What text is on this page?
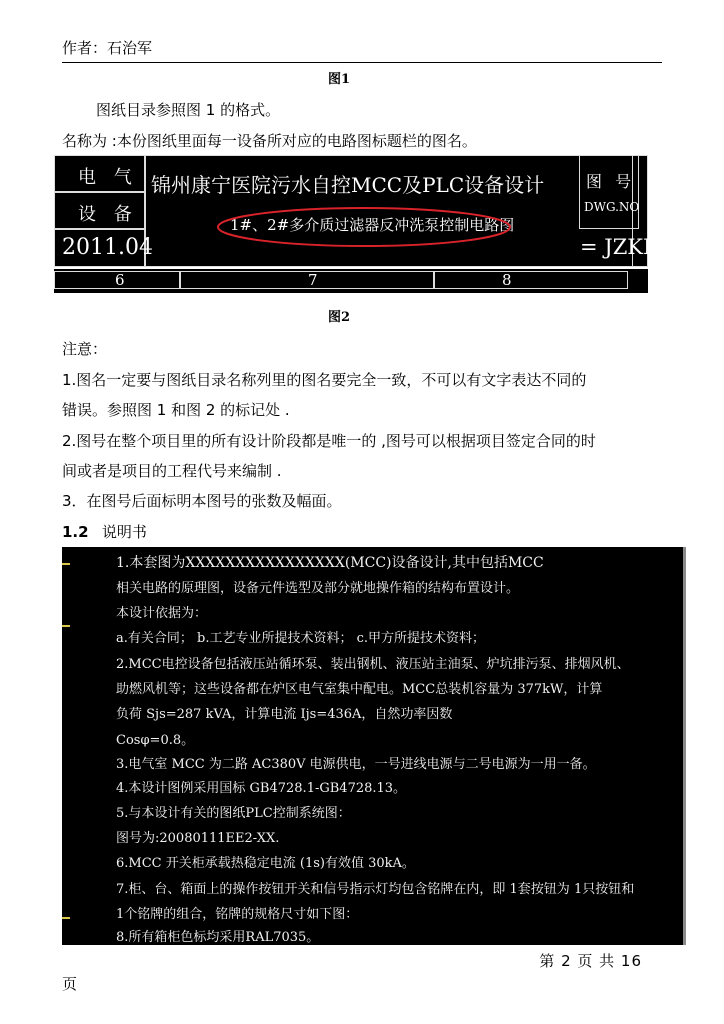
作者：石治军
图1
图纸目录参照图 1 的格式。
名称为 :本份图纸里面每一设备所对应的电路图标题栏的图名。
电 气
设 备
2011.04
锦州康宁医院污水自控MCC及PLC设备设计
1#、2#多介质过滤器反冲洗泵控制电路图
图 号
DWG.NO
= JZKL
6	7	8
图2
注意：
1.图名一定要与图纸目录名称列里的图名要完全一致，不可以有文字表达不同的
错误。参照图 1 和图 2 的标记处 .
2.图号在整个项目里的所有设计阶段都是唯一的 ,图号可以根据项目签定合同的时
间或者是项目的工程代号来编制 .
3．在图号后面标明本图号的张数及幅面。
1.2 说明书
1.本套图为XXXXXXXXXXXXXXXX(MCC)设备设计,其中包括MCC
相关电路的原理图，设备元件选型及部分就地操作箱的结构布置设计。
本设计依据为：
a.有关合同； b.工艺专业所提技术资料； c.甲方所提技术资料；
2.MCC电控设备包括液压站循环泵、装出钢机、液压站主油泵、炉坑排污泵、排烟风机、
助燃风机等；这些设备都在炉区电气室集中配电。MCC总装机容量为 377kW，计算
负荷 Sjs=287 kVA，计算电流 Ijs=436A，自然功率因数
Cosφ=0.8。
3.电气室 MCC 为二路 AC380V 电源供电，一号进线电源与二号电源为一用一备。
4.本设计图例采用国标 GB4728.1-GB4728.13。
5.与本设计有关的图纸PLC控制系统图：
图号为:20080111EE2-XX.
6.MCC 开关柜承载热稳定电流 (1s)有效值 30kA。
7.柜、台、箱面上的操作按钮开关和信号指示灯均包含铭牌在内，即 1套按钮为 1只按钮和
1个铭牌的组合，铭牌的规格尺寸如下图：
8.所有箱柜色标均采用RAL7035。
第 2 页 共 16
页
